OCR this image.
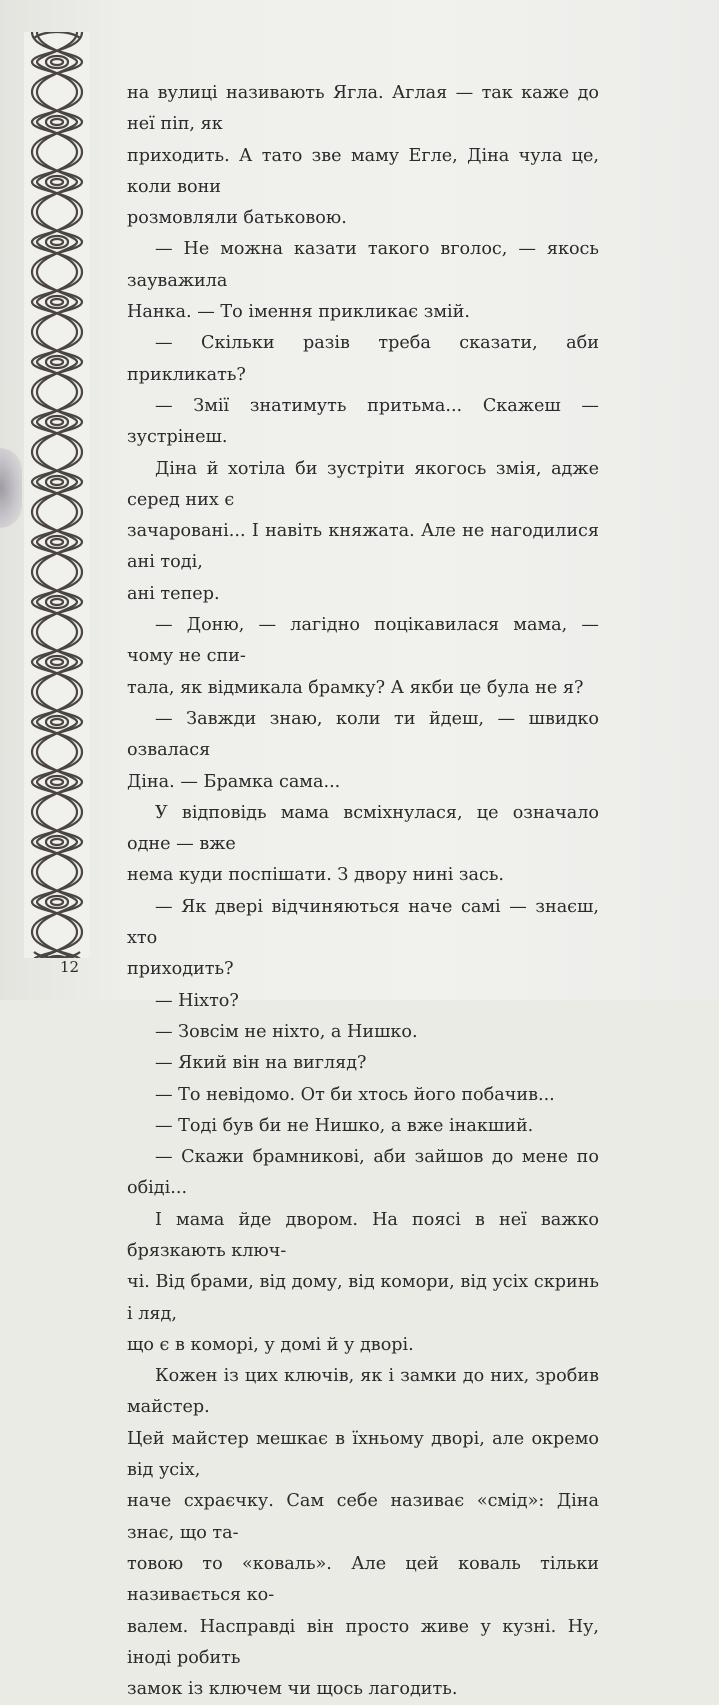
на вулиці називають Ягла. Аглая — так каже до неї піп, як

приходить. А тато зве маму Егле, Діна чула це, коли вони

розмовляли батьковою.

— Не можна казати такого вголос, — якось зауважила

Нанка. — То імення прикликає змій.

— Скільки разів треба сказати, аби прикликать?

— Змії знатимуть притьма... Скажеш — зустрінеш.

Діна й хотіла би зустріти якогось змія, адже серед них є

зачаровані... І навіть княжата. Але не нагодилися ані тоді,

ані тепер.

— Доню, — лагідно поцікавилася мама, — чому не спи-

тала, як відмикала брамку? А якби це була не я?

— Завжди знаю, коли ти йдеш, — швидко озвалася

Діна. — Брамка сама...

У відповідь мама всміхнулася, це означало одне — вже

нема куди поспішати. З двору нині зась.

— Як двері відчиняються наче самі — знаєш, хто

приходить?

— Ніхто?

— Зовсім не ніхто, а Нишко.

— Який він на вигляд?

— То невідомо. От би хтось його побачив...

— Тоді був би не Нишко, а вже інакший.

— Скажи брамникові, аби зайшов до мене по обіді...

І мама йде двором. На поясі в неї важко брязкають ключ-

чі. Від брами, від дому, від комори, від усіх скринь і ляд,

що є в коморі, у домі й у дворі.

Кожен із цих ключів, як і замки до них, зробив майстер.

Цей майстер мешкає в їхньому дворі, але окремо від усіх,

наче схраєчку. Сам себе називає «смід»: Діна знає, що та-

товою то «коваль». Але цей коваль тільки називається ко-

валем. Насправді він просто живе у кузні. Ну, іноді робить

замок із ключем чи щось лагодить.

12
